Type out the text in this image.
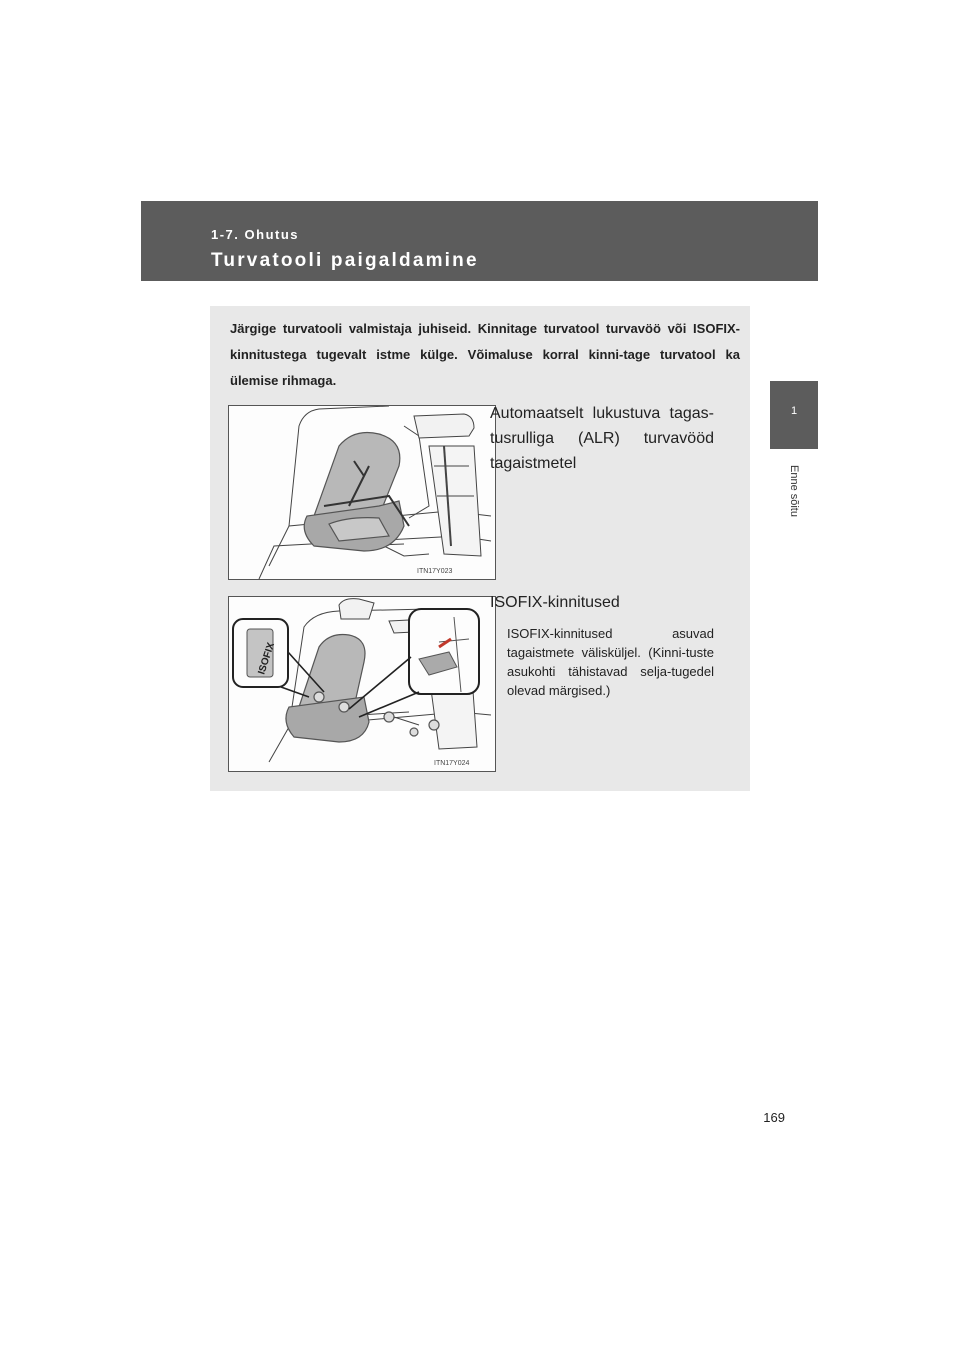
1-7. Ohutus
Turvatooli paigaldamine
1
Enne sõitu
Järgige turvatooli valmistaja juhiseid. Kinnitage turvatool turvavöö või ISOFIX-kinnitustega tugevalt istme külge. Võimaluse korral kinni-tage turvatool ka ülemise rihmaga.
ITN17Y023
Automaatselt lukustuva tagas-tusrulliga (ALR) turvavööd tagaistmetel
ISOFIX
ITN17Y024
ISOFIX-kinnitused
ISOFIX-kinnitused asuvad tagaistmete välisküljel. (Kinni-tuste asukohti tähistavad selja-tugedel olevad märgised.)
169
